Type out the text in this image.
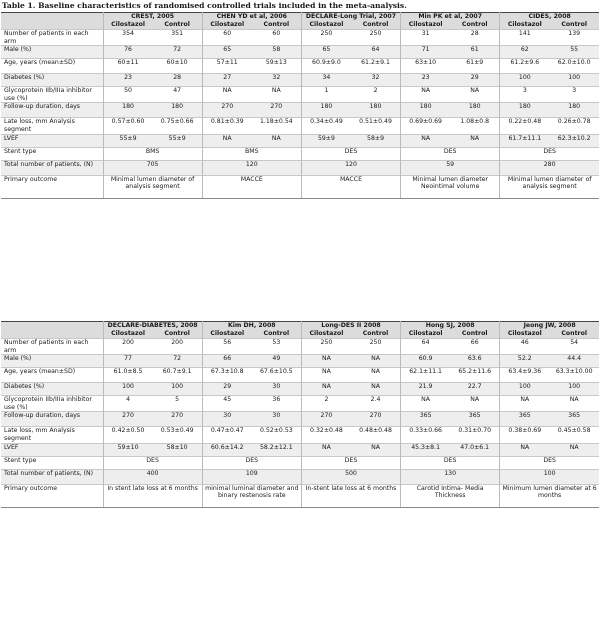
Table 1. Baseline characteristics of randomised controlled trials included in the meta-analysis.
	CREST, 2005		CHEN YD et al, 2006		DECLARE-Long Trial, 2007		Min PK et al, 2007		CIDES, 2008	
	Cilostazol	Control	Cilostazol	Control	Cilostazol	Control	Cilostazol	Control	Cilostazol	Control
Number of patients in each arm	354	351	60	60	250	250	31	28	141	139
Male (%)	76	72	65	58	65	64	71	61	62	55
Age, years (mean±SD)	60±11	60±10	57±11	59±13	60.9±9.0	61.2±9.1	63±10	61±9	61.2±9.6	62.0±10.0
Diabetes (%)	23	28	27	32	34	32	23	29	100	100
Glycoprotein IIb/IIIa inhibitor use (%)	50	47	NA	NA	1	2	NA	NA	3	3
Follow-up duration, days	180	180	270	270	180	180	180	180	180	180
Late loss, mm Analysis segment	0.57±0.60	0.75±0.66	0.81±0.39	1.18±0.54	0.34±0.49	0.51±0.49	0.69±0.69	1.08±0.8	0.22±0.48	0.26±0.78
LVEF	55±9	55±9	NA	NA	59±9	58±9	NA	NA	61.7±11.1	62.3±10.2
Stent type	BMS		BMS		DES		DES		DES	
Total number of patients, (N)	705		120		120		59		280	
Primary outcome	Minimal lumen diameter of analysis segment		MACCE		MACCE		Minimal lumen diameter Neointimal volume		Minimal lumen diameter of analysis segment	
	DECLARE-DIABETES, 2008		Kim DH, 2008		Long-DES II 2008		Hong SJ, 2008		Jeong JW, 2008	
	Cilostazol	Control	Cilostazol	Control	Cilostazol	Control	Cilostazol	Control	Cilostazol	Control
Number of patients in each arm	200	200	56	53	250	250	64	66	46	54
Male (%)	77	72	66	49	NA	NA	60.9	63.6	52.2	44.4
Age, years (mean±SD)	61.0±8.5	60.7±9.1	67.3±10.8	67.6±10.5	NA	NA	62.1±11.1	65.2±11.6	63.4±9.36	63.3±10.00
Diabetes (%)	100	100	29	30	NA	NA	21.9	22.7	100	100
Glycoprotein IIb/IIIa inhibitor use (%)	4	5	45	36	2	2.4	NA	NA	NA	NA
Follow-up duration, days	270	270	30	30	270	270	365	365	365	365
Late loss, mm Analysis segment	0.42±0.50	0.53±0.49	0.47±0.47	0.52±0.53	0.32±0.48	0.48±0.48	0.33±0.66	0.31±0.70	0.38±0.69	0.45±0.58
LVEF	59±10	58±10	60.6±14.2	58.2±12.1	NA	NA	45.3±8.1	47.0±6.1	NA	NA
Stent type	DES		DES		DES		DES		DES	
Total number of patients, (N)	400		109		500		130		100	
Primary outcome	In stent late loss at 6 months		minimal luminal diameter and binary restenosis rate		In-stent late loss at 6 months		Carotid Intima- Media Thickness		Minimum lumen diameter at 6 months	
